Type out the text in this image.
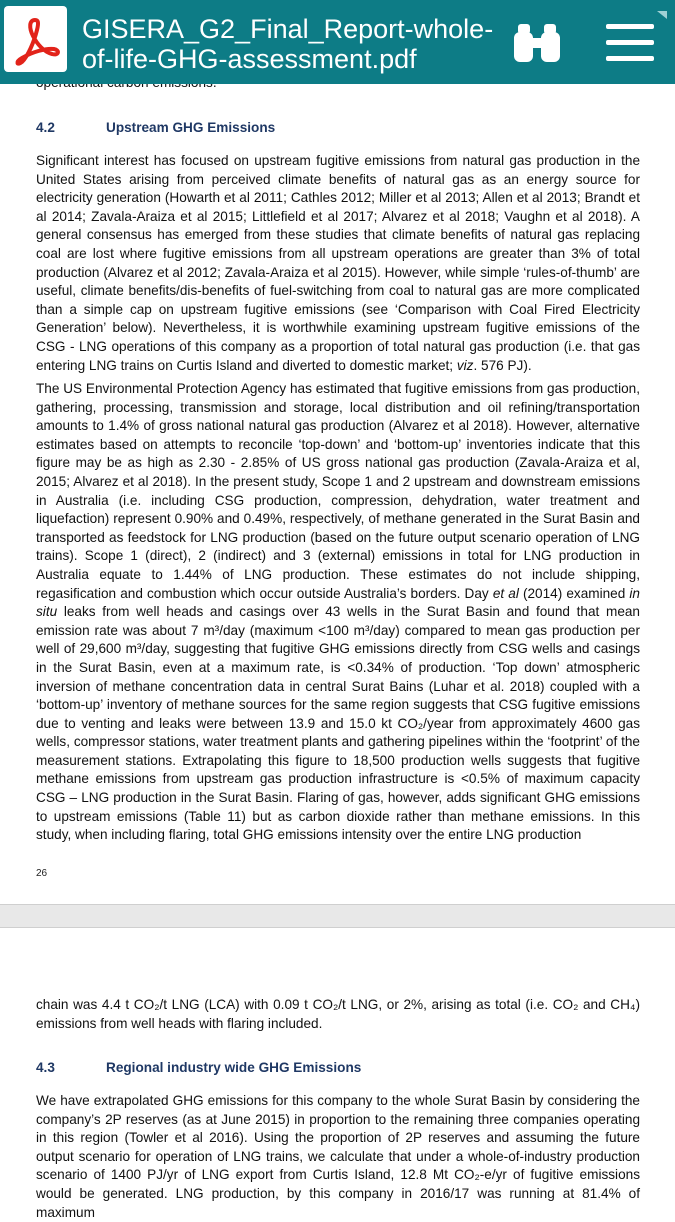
GISERA_G2_Final_Report-whole-
of-life-GHG-assessment.pdf
4.2	Upstream GHG Emissions

Significant interest has focused on upstream fugitive emissions from natural gas production in the United States arising from perceived climate benefits of natural gas as an energy source for electricity generation (Howarth et al 2011; Cathles 2012; Miller et al 2013; Allen et al 2013; Brandt et al 2014; Zavala-Araiza et al 2015; Littlefield et al 2017; Alvarez et al 2018; Vaughn et al 2018). A general consensus has emerged from these studies that climate benefits of natural gas replacing coal are lost where fugitive emissions from all upstream operations are greater than 3% of total production (Alvarez et al 2012; Zavala-Araiza et al 2015). However, while simple ‘rules-of-thumb’ are useful, climate benefits/dis-benefits of fuel-switching from coal to natural gas are more complicated than a simple cap on upstream fugitive emissions (see ‘Comparison with Coal Fired Electricity Generation’ below). Nevertheless, it is worthwhile examining upstream fugitive emissions of the CSG - LNG operations of this company as a proportion of total natural gas production (i.e. that gas entering LNG trains on Curtis Island and diverted to domestic market; viz. 576 PJ).

The US Environmental Protection Agency has estimated that fugitive emissions from gas production, gathering, processing, transmission and storage, local distribution and oil refining/transportation amounts to 1.4% of gross national natural gas production (Alvarez et al 2018). However, alternative estimates based on attempts to reconcile ‘top-down’ and ‘bottom-up’ inventories indicate that this figure may be as high as 2.30 - 2.85% of US gross national gas production (Zavala-Araiza et al, 2015; Alvarez et al 2018). In the present study, Scope 1 and 2 upstream and downstream emissions in Australia (i.e. including CSG production, compression, dehydration, water treatment and liquefaction) represent 0.90% and 0.49%, respectively, of methane generated in the Surat Basin and transported as feedstock for LNG production (based on the future output scenario operation of LNG trains). Scope 1 (direct), 2 (indirect) and 3 (external) emissions in total for LNG production in Australia equate to 1.44% of LNG production. These estimates do not include shipping, regasification and combustion which occur outside Australia’s borders. Day et al (2014) examined in situ leaks from well heads and casings over 43 wells in the Surat Basin and found that mean emission rate was about 7 m³/day (maximum <100 m³/day) compared to mean gas production per well of 29,600 m³/day, suggesting that fugitive GHG emissions directly from CSG wells and casings in the Surat Basin, even at a maximum rate, is <0.34% of production. ‘Top down’ atmospheric inversion of methane concentration data in central Surat Bains (Luhar et al. 2018) coupled with a ‘bottom-up’ inventory of methane sources for the same region suggests that CSG fugitive emissions due to venting and leaks were between 13.9 and 15.0 kt CO₂/year from approximately 4600 gas wells, compressor stations, water treatment plants and gathering pipelines within the ‘footprint’ of the measurement stations. Extrapolating this figure to 18,500 production wells suggests that fugitive methane emissions from upstream gas production infrastructure is <0.5% of maximum capacity CSG – LNG production in the Surat Basin. Flaring of gas, however, adds significant GHG emissions to upstream emissions (Table 11) but as carbon dioxide rather than methane emissions. In this study, when including flaring, total GHG emissions intensity over the entire LNG production

26

chain was 4.4 t CO₂/t LNG (LCA) with 0.09 t CO₂/t LNG, or 2%, arising as total (i.e. CO₂ and CH₄) emissions from well heads with flaring included.

4.3	Regional industry wide GHG Emissions

We have extrapolated GHG emissions for this company to the whole Surat Basin by considering the company’s 2P reserves (as at June 2015) in proportion to the remaining three companies operating in this region (Towler et al 2016). Using the proportion of 2P reserves and assuming the future output scenario for operation of LNG trains, we calculate that under a whole-of-industry production scenario of 1400 PJ/yr of LNG export from Curtis Island, 12.8 Mt CO₂-e/yr of fugitive emissions would be generated. LNG production, by this company in 2016/17 was running at 81.4% of maximum
